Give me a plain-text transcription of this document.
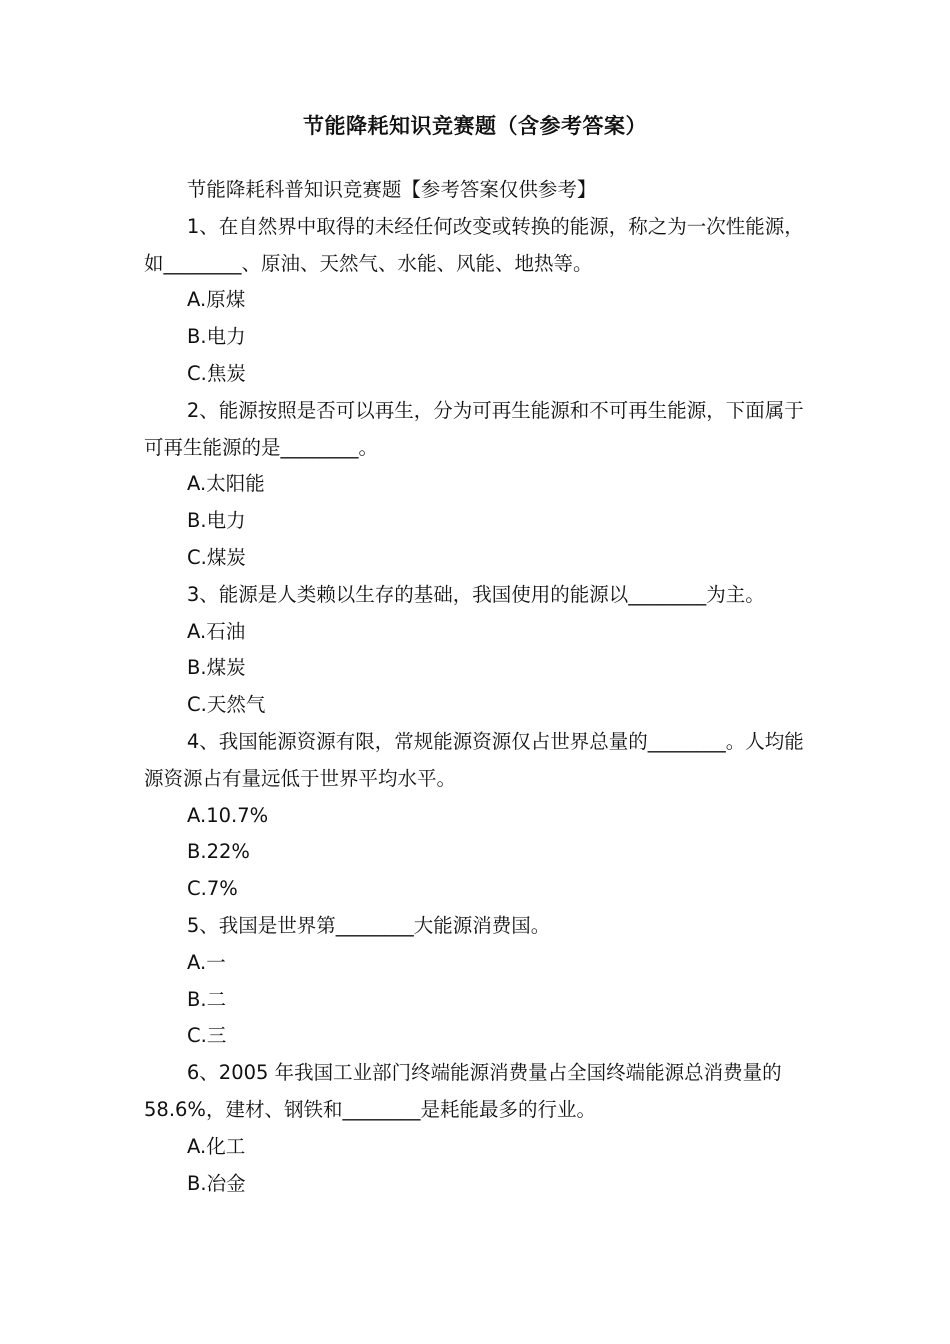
节能降耗知识竞赛题（含参考答案）

节能降耗科普知识竞赛题【参考答案仅供参考】

1、在自然界中取得的未经任何改变或转换的能源，称之为一次性能源，如________、原油、天然气、水能、风能、地热等。

A.原煤

B.电力

C.焦炭

2、能源按照是否可以再生，分为可再生能源和不可再生能源，下面属于可再生能源的是________。

A.太阳能

B.电力

C.煤炭

3、能源是人类赖以生存的基础，我国使用的能源以________为主。

A.石油

B.煤炭

C.天然气

4、我国能源资源有限，常规能源资源仅占世界总量的________。人均能源资源占有量远低于世界平均水平。

A.10.7%

B.22%

C.7%

5、我国是世界第________大能源消费国。

A.一

B.二

C.三

6、2005 年我国工业部门终端能源消费量占全国终端能源总消费量的 58.6%，建材、钢铁和________是耗能最多的行业。

A.化工

B.冶金
